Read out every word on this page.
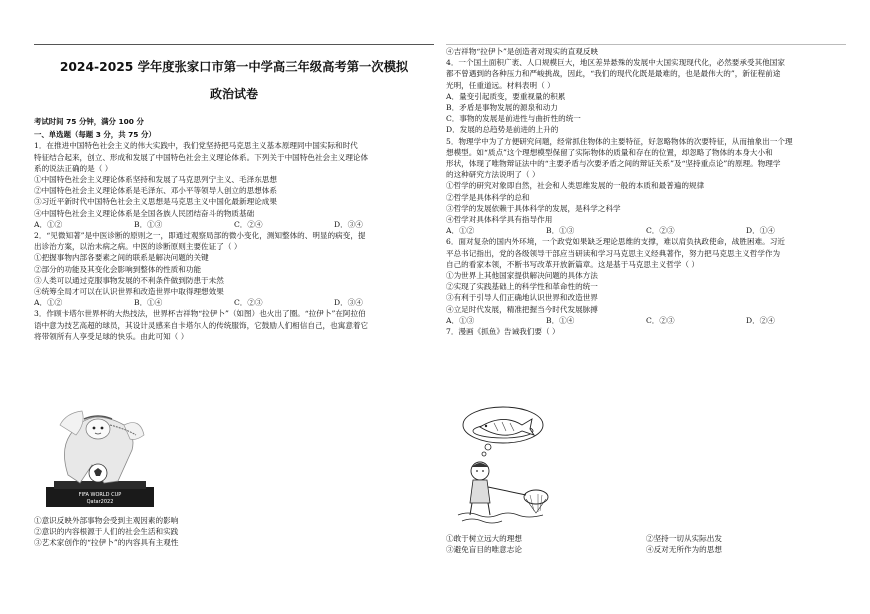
2024-2025 学年度张家口市第一中学高三年级高考第一次模拟
政治试卷
考试时间 75 分钟，满分 100 分
一、单选题（每题 3 分，共 75 分）

1．在推进中国特色社会主义的伟大实践中，我们党坚持把马克思主义基本原理同中国实际和时代

特征结合起来，创立、形成和发展了中国特色社会主义理论体系。下列关于中国特色社会主义理论体

系的说法正确的是（ ）

①中国特色社会主义理论体系坚持和发展了马克思列宁主义、毛泽东思想

②中国特色社会主义理论体系是毛泽东、邓小平等领导人创立的思想体系

③习近平新时代中国特色社会主义思想是马克思主义中国化最新理论成果

④中国特色社会主义理论体系是全国各族人民团结奋斗的物质基础

A．①②	B．①③	C．②④	D．③④

2．“见微知著”是中医诊断的原则之一，即通过观察局部的微小变化，测知整体的、明显的病变，提

出诊治方案，以治未病之病。中医的诊断原则主要佐证了（ ）

①把握事物内部各要素之间的联系是解决问题的关键

②部分的功能及其变化会影响到整体的性质和功能

③人类可以通过克服事物发展的不利条件做到防患于未然

④统筹全局才可以在认识世界和改造世界中取得理想效果

A．①②	B．①④	C．②③	D．③④

3．作顾卡塔尔世界杯的大热技法，世界杯吉祥物“拉伊卜”（如图）也火出了圈。“拉伊卜”在阿拉伯

语中意为技艺高超的球员，其设计灵感来自卡塔尔人的传统服饰，它鼓励人们相信自己，也寓意着它

将带领所有人享受足球的快乐。由此可知（ ）

FIFA WORLD CUP
Qatar2022

①意识反映外部事物会受到主观因素的影响

②意识的内容根源于人们的社会生活和实践

③艺术家创作的“拉伊卜”的内容具有主观性

④吉祥物“拉伊卜”是创造者对现实的直观反映

4．一个国土面积广袤、人口规模巨大，地区差异悬殊的发展中大国实现现代化，必然要承受其他国家

都不曾遇到的各种压力和严峻挑战，因此，“我们的现代化既是最难的，也是最伟大的”，新征程前途

光明，任重道远。材料表明（ ）

A．量变引起质变，要重视量的积累

B．矛盾是事物发展的源泉和动力

C．事物的发展是前进性与曲折性的统一

D．发展的总趋势是前进的上升的

5．物理学中为了方便研究问题，经常抓住物体的主要特征，好忽略物体的次要特征，从而抽象出一个理

想模型。如“质点”这个理想模型保留了实际物体的质量和存在的位置，却忽略了物体的本身大小和

形状，体现了唯物辩证法中的“主要矛盾与次要矛盾之间的辩证关系”及“坚持重点论”的原理。物理学

的这种研究方法说明了（ ）

①哲学的研究对象即自然，社会和人类思维发展的一般的本质和最普遍的规律

②哲学是具体科学的总和

③哲学的发展依赖于具体科学的发展，是科学之科学

④哲学对具体科学具有指导作用

A．①②	B．①③	C．②③	D．①④

6．面对复杂的国内外环境，一个政党如果缺乏理论思维的支撑，难以肩负执政使命，战胜困难。习近

平总书记指出，党的各级领导干部应当研读和学习马克思主义经典著作，努力把马克思主义哲学作为

自己的看家本领，不断书写改革开放新篇章。这是基于马克思主义哲学（ ）

①为世界上其他国家提供解决问题的具体方法

②实现了实践基础上的科学性和革命性的统一

③有利于引导人们正确地认识世界和改造世界

④立足时代发展，精准把握当今时代发展脉搏

A．①③	B．①④	C．②③	D．②④

7．漫画《抓鱼》告诫我们要（ ）

①敢于树立远大的理想	②坚持一切从实际出发
③避免盲目的唯意志论	④反对无所作为的思想
